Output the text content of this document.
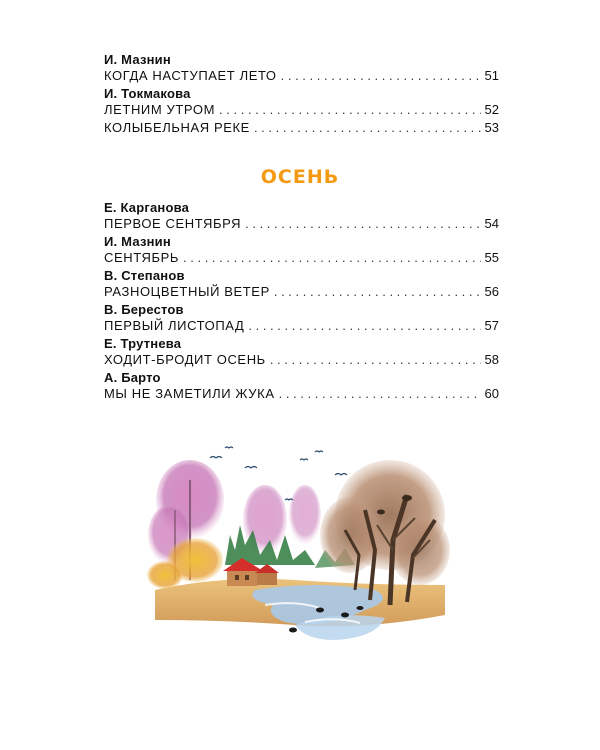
И. Мазнин
КОГДА НАСТУПАЕТ ЛЕТО . . .	51
И. Токмакова
ЛЕТНИМ УТРОМ . . .	52
КОЛЫБЕЛЬНАЯ РЕКЕ . . .	53
ОСЕНЬ
Е. Карганова
ПЕРВОЕ СЕНТЯБРЯ . . .	54
И. Мазнин
СЕНТЯБРЬ . . .	55
В. Степанов
РАЗНОЦВЕТНЫЙ ВЕТЕР . . .	56
В. Берестов
ПЕРВЫЙ ЛИСТОПАД . . .	57
Е. Трутнева
ХОДИТ-БРОДИТ ОСЕНЬ . . .	58
А. Барто
МЫ НЕ ЗАМЕТИЛИ ЖУКА . . .	60
